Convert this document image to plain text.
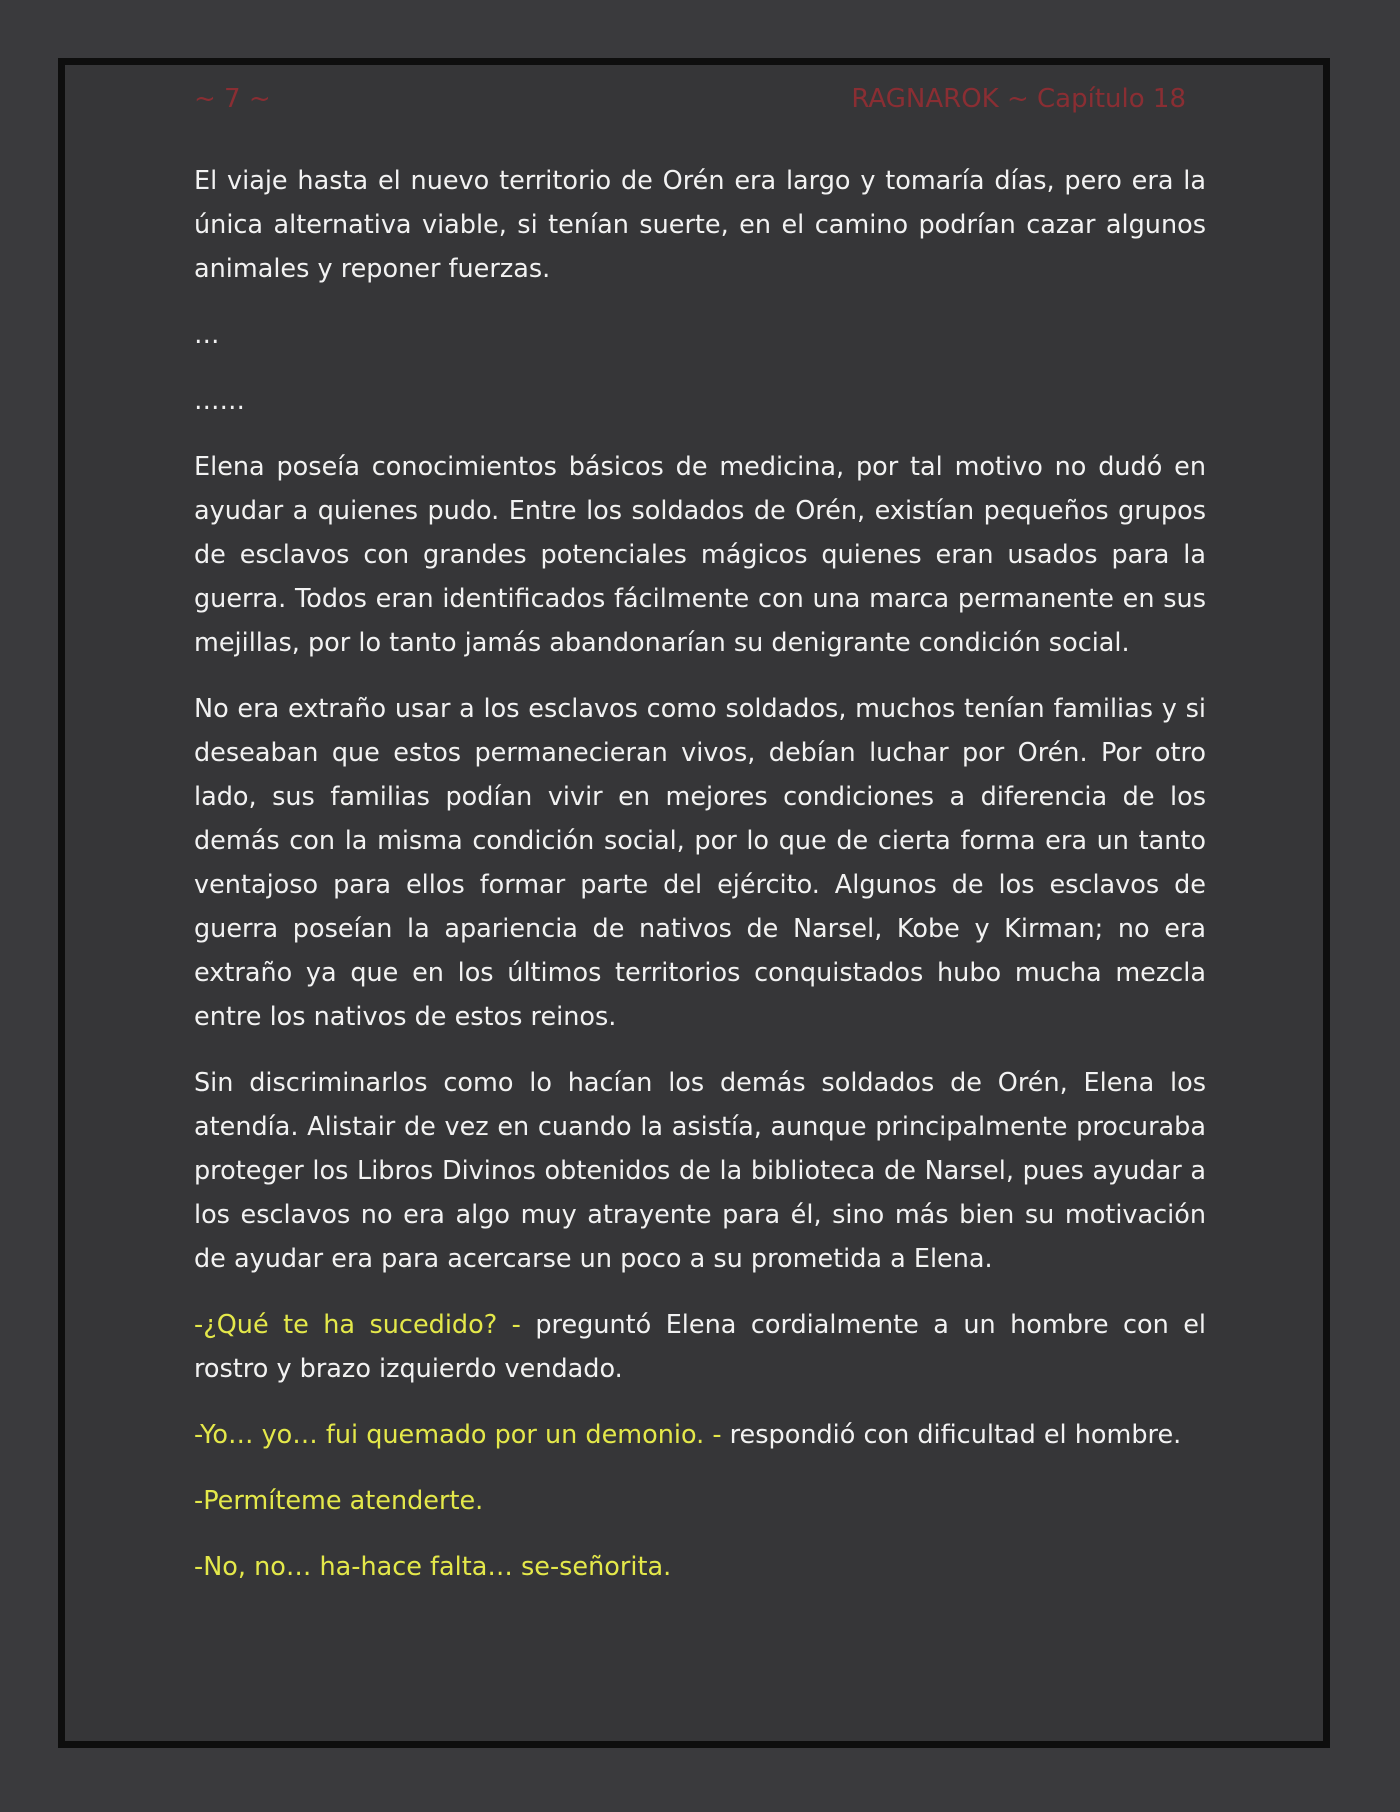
~ 7 ~	RAGNAROK ~ Capítulo 18

El viaje hasta el nuevo territorio de Orén era largo y tomaría días, pero era la única alternativa viable, si tenían suerte, en el camino podrían cazar algunos animales y reponer fuerzas.

…

……

Elena poseía conocimientos básicos de medicina, por tal motivo no dudó en ayudar a quienes pudo. Entre los soldados de Orén, existían pequeños grupos de esclavos con grandes potenciales mágicos quienes eran usados para la guerra. Todos eran identificados fácilmente con una marca permanente en sus mejillas, por lo tanto jamás abandonarían su denigrante condición social.

No era extraño usar a los esclavos como soldados, muchos tenían familias y si deseaban que estos permanecieran vivos, debían luchar por Orén. Por otro lado, sus familias podían vivir en mejores condiciones a diferencia de los demás con la misma condición social, por lo que de cierta forma era un tanto ventajoso para ellos formar parte del ejército. Algunos de los esclavos de guerra poseían la apariencia de nativos de Narsel, Kobe y Kirman; no era extraño ya que en los últimos territorios conquistados hubo mucha mezcla entre los nativos de estos reinos.

Sin discriminarlos como lo hacían los demás soldados de Orén, Elena los atendía. Alistair de vez en cuando la asistía, aunque principalmente procuraba proteger los Libros Divinos obtenidos de la biblioteca de Narsel, pues ayudar a los esclavos no era algo muy atrayente para él, sino más bien su motivación de ayudar era para acercarse un poco a su prometida a Elena.

-¿Qué te ha sucedido? - preguntó Elena cordialmente a un hombre con el rostro y brazo izquierdo vendado.

-Yo… yo… fui quemado por un demonio. - respondió con dificultad el hombre.

-Permíteme atenderte.

-No, no… ha-hace falta… se-señorita.
